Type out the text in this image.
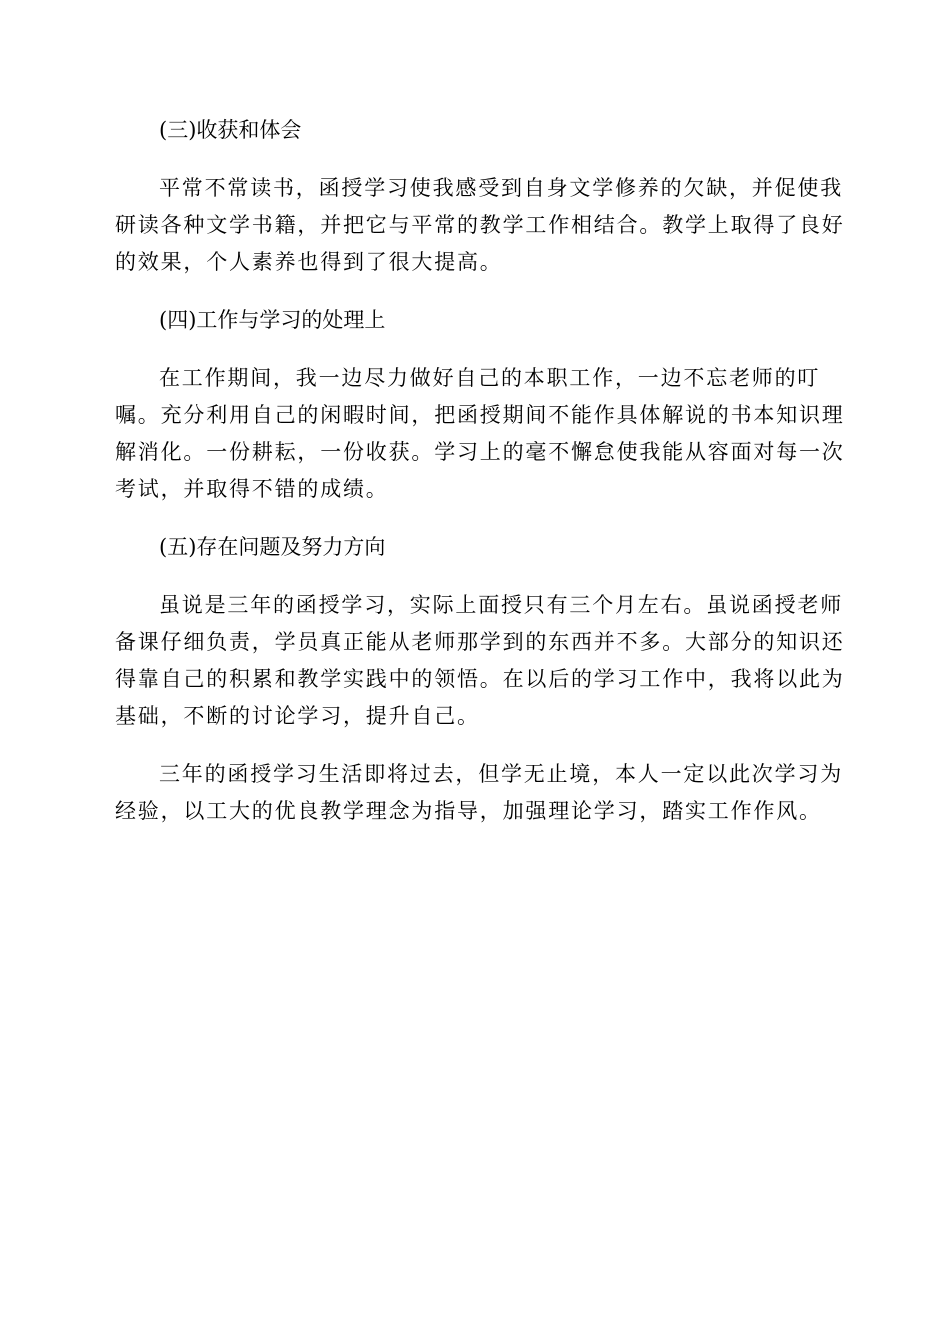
(三)收获和体会
平常不常读书，函授学习使我感受到自身文学修养的欠缺，并促使我
研读各种文学书籍，并把它与平常的教学工作相结合。教学上取得了良好
的效果，个人素养也得到了很大提高。
(四)工作与学习的处理上
在工作期间，我一边尽力做好自己的本职工作，一边不忘老师的叮
嘱。充分利用自己的闲暇时间，把函授期间不能作具体解说的书本知识理
解消化。一份耕耘，一份收获。学习上的毫不懈怠使我能从容面对每一次
考试，并取得不错的成绩。
(五)存在问题及努力方向
虽说是三年的函授学习，实际上面授只有三个月左右。虽说函授老师
备课仔细负责，学员真正能从老师那学到的东西并不多。大部分的知识还
得靠自己的积累和教学实践中的领悟。在以后的学习工作中，我将以此为
基础，不断的讨论学习，提升自己。
三年的函授学习生活即将过去，但学无止境，本人一定以此次学习为
经验，以工大的优良教学理念为指导，加强理论学习，踏实工作作风。
